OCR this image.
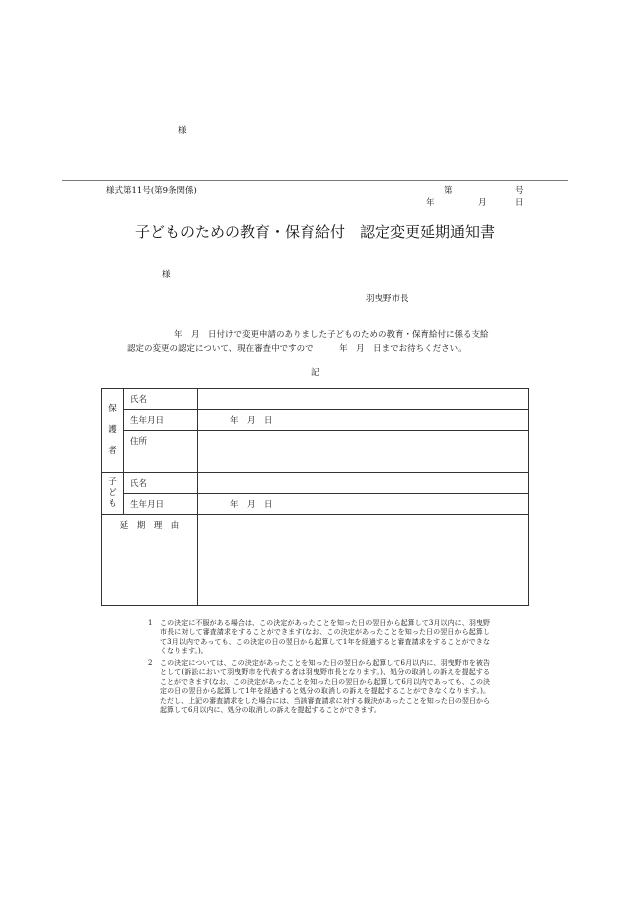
様
様式第11号(第9条関係)	第	号
年	月	日
子どものための教育・保育給付　認定変更延期通知書
様
羽曳野市長
年　月　日付けで変更申請のありました子どものための教育・保育給付に係る支給
認定の変更の認定について、現在審査中ですので　　　年　月　日までお待ちください。
記
保
護
者	氏名	
	生年月日	年　月　日
	住所	

子
ど
も	氏名	
	生年月日	年　月　日
延　期　理　由		
1 この決定に不服がある場合は、この決定があったことを知った日の翌日から起算して3月以内に、羽曳野市長に対して審査請求をすることができます(なお、この決定があったことを知った日の翌日から起算して3月以内であっても、この決定の日の翌日から起算して1年を経過すると審査請求をすることができなくなります。)。
2 この決定については、この決定があったことを知った日の翌日から起算して6月以内に、羽曳野市を被告として(訴訟において羽曳野市を代表する者は羽曳野市長となります。)、処分の取消しの訴えを提起することができます(なお、この決定があったことを知った日の翌日から起算して6月以内であっても、この決定の日の翌日から起算して1年を経過すると処分の取消しの訴えを提起することができなくなります。)。ただし、上記の審査請求をした場合には、当該審査請求に対する裁決があったことを知った日の翌日から起算して6月以内に、処分の取消しの訴えを提起することができます。
